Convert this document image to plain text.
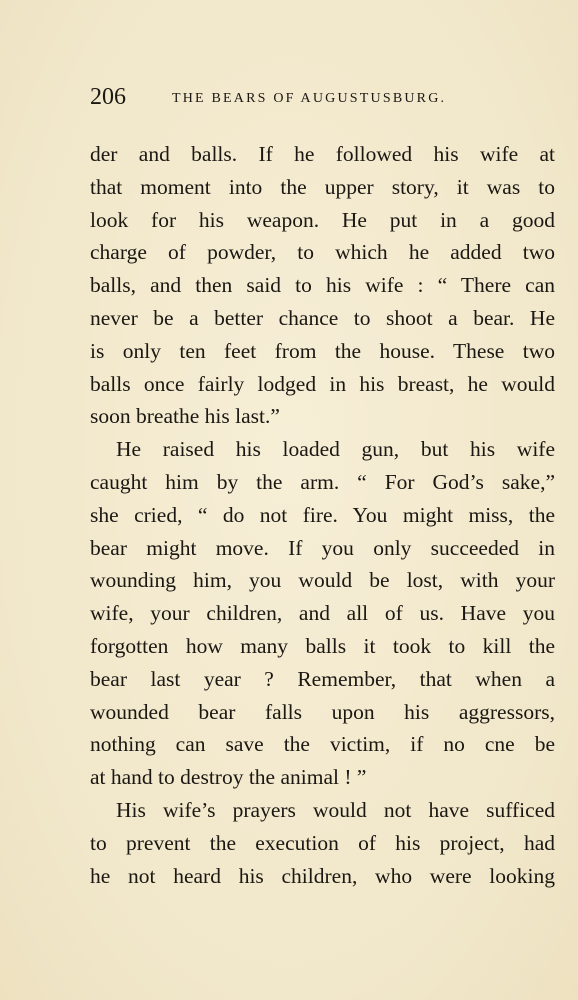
206	THE BEARS OF AUGUSTUSBURG.
der and balls. If he followed his wife at
that moment into the upper story, it was to
look for his weapon. He put in a good
charge of powder, to which he added two
balls, and then said to his wife : “ There can
never be a better chance to shoot a bear. He
is only ten feet from the house. These two
balls once fairly lodged in his breast, he would
soon breathe his last.”
He raised his loaded gun, but his wife
caught him by the arm. “ For God’s sake,”
she cried, “ do not fire. You might miss, the
bear might move. If you only succeeded in
wounding him, you would be lost, with your
wife, your children, and all of us. Have you
forgotten how many balls it took to kill the
bear last year ? Remember, that when a
wounded bear falls upon his aggressors,
nothing can save the victim, if no cne be
at hand to destroy the animal ! ”
His wife’s prayers would not have sufficed
to prevent the execution of his project, had
he not heard his children, who were looking
